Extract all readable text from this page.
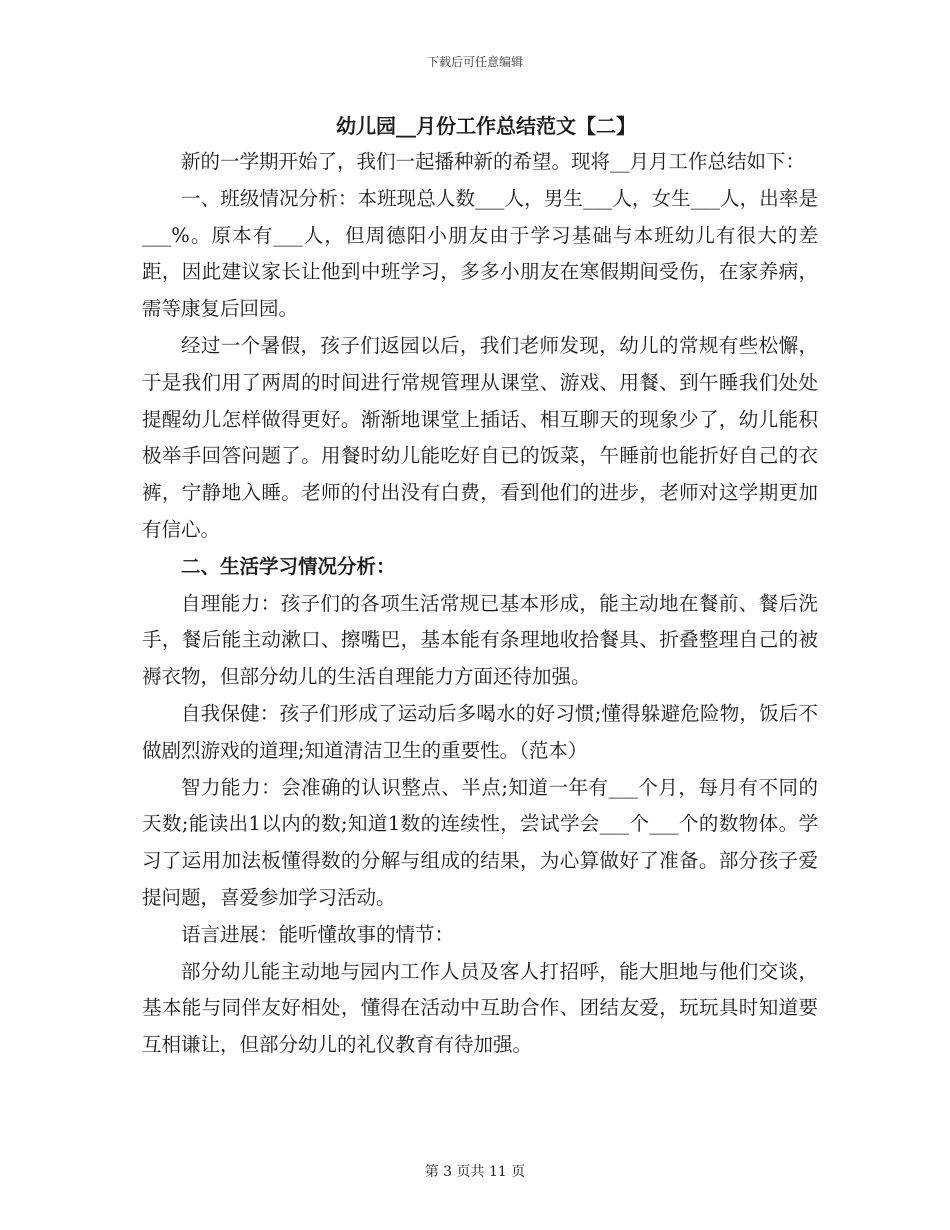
下载后可任意编辑
幼儿园__月份工作总结范文【二】

新的一学期开始了，我们一起播种新的希望。现将__月月工作总结如下：

一、班级情况分析：本班现总人数___人，男生___人，女生___人，出率是___%。原本有___人，但周德阳小朋友由于学习基础与本班幼儿有很大的差距，因此建议家长让他到中班学习，多多小朋友在寒假期间受伤，在家养病，需等康复后回园。

经过一个暑假，孩子们返园以后，我们老师发现，幼儿的常规有些松懈，于是我们用了两周的时间进行常规管理从课堂、游戏、用餐、到午睡我们处处提醒幼儿怎样做得更好。渐渐地课堂上插话、相互聊天的现象少了，幼儿能积极举手回答问题了。用餐时幼儿能吃好自已的饭菜，午睡前也能折好自己的衣裤，宁静地入睡。老师的付出没有白费，看到他们的进步，老师对这学期更加有信心。

二、生活学习情况分析：

自理能力：孩子们的各项生活常规已基本形成，能主动地在餐前、餐后洗手，餐后能主动漱口、擦嘴巴，基本能有条理地收拾餐具、折叠整理自己的被褥衣物，但部分幼儿的生活自理能力方面还待加强。

自我保健：孩子们形成了运动后多喝水的好习惯;懂得躲避危险物，饭后不做剧烈游戏的道理;知道清洁卫生的重要性。（范本）

智力能力：会准确的认识整点、半点;知道一年有___个月，每月有不同的天数;能读出1以内的数;知道1数的连续性，尝试学会___个___个的数物体。学习了运用加法板懂得数的分解与组成的结果，为心算做好了准备。部分孩子爱提问题，喜爱参加学习活动。

语言进展：能听懂故事的情节：

部分幼儿能主动地与园内工作人员及客人打招呼，能大胆地与他们交谈，基本能与同伴友好相处，懂得在活动中互助合作、团结友爱，玩玩具时知道要互相谦让，但部分幼儿的礼仪教育有待加强。

第 3 页共 11 页
